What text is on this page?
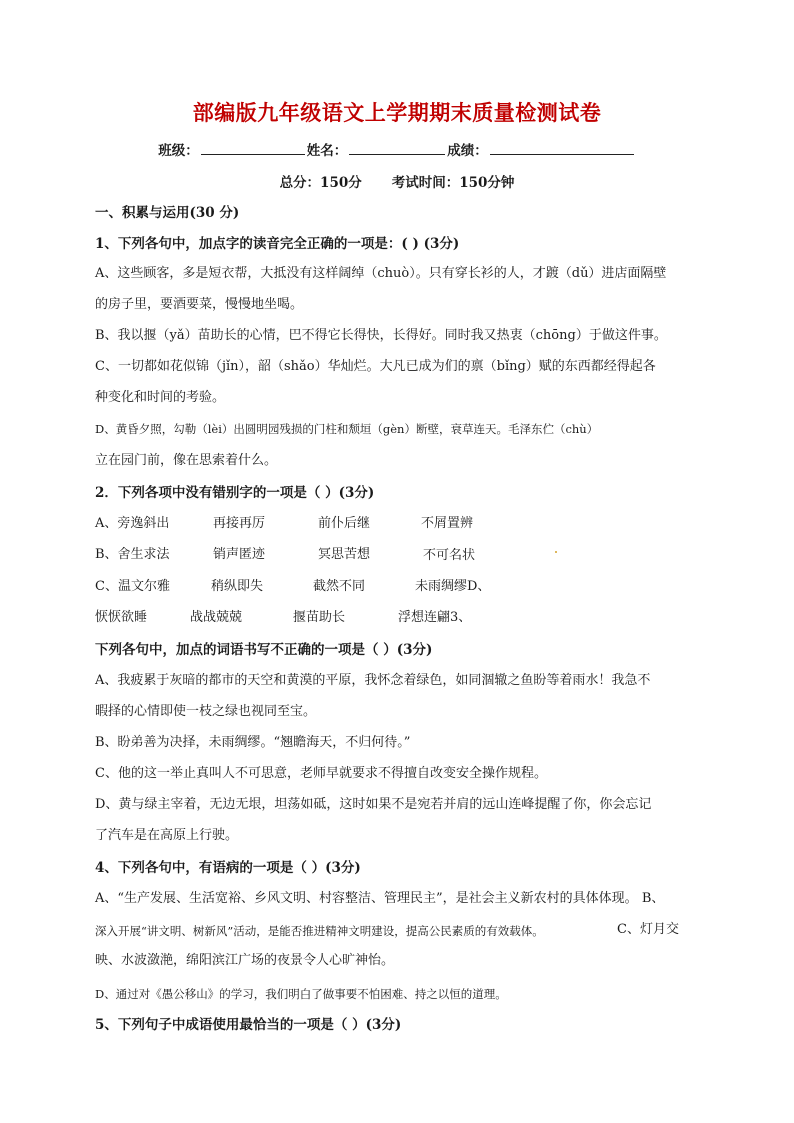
部编版九年级语文上学期期末质量检测试卷
班级：	姓名：	成绩：
总分：150分 考试时间：150分钟
一、积累与运用(30 分)
1、下列各句中，加点字的读音完全正确的一项是：( ) (3分)
A、这些顾客，多是短衣帮，大抵没有这样阔绰（chuò）。只有穿长衫的人，才踱（dǔ）进店面隔壁
的房子里，要酒要菜，慢慢地坐喝。
B、我以揠（yǎ）苗助长的心情，巴不得它长得快，长得好。同时我又热衷（chōng）于做这件事。
C、一切都如花似锦（jǐn），韶（shǎo）华灿烂。大凡已成为们的禀（bǐng）赋的东西都经得起各
种变化和时间的考验。
D、黄昏夕照，勾勒（lèi）出圆明园残损的门柱和颓垣（gèn）断壁，衰草连天。毛泽东伫（chù）
立在园门前，像在思索着什么。
2．下列各项中没有错别字的一项是（ ）(3分)
A、旁逸斜出	再接再厉	前仆后继	不屑置辨
B、舍生求法	销声匿迹	冥思苦想	不可名状
C、温文尔雅	稍纵即失	截然不同	未雨绸缪D、
恹恹欲睡	战战兢兢	揠苗助长	浮想连翩3、
下列各句中，加点的词语书写不正确的一项是（ ）(3分)
A、我疲累于灰暗的都市的天空和黄漠的平原，我怀念着绿色，如同涸辙之鱼盼等着雨水！我急不
暇择的心情即使一枝之绿也视同至宝。
B、盼弟善为决择，未雨绸缪。“翘瞻海天，不归何待。”
C、他的这一举止真叫人不可思意，老师早就要求不得擅自改变安全操作规程。
D、黄与绿主宰着，无边无垠，坦荡如砥，这时如果不是宛若并肩的远山连峰提醒了你，你会忘记
了汽车是在高原上行驶。
4、下列各句中，有语病的一项是（ ）(3分)
A、“生产发展、生活宽裕、乡风文明、村容整洁、管理民主”，是社会主义新农村的具体体现。 B、
深入开展“讲文明、树新风”活动，是能否推进精神文明建设，提高公民素质的有效载体。	C、灯月交
映、水波潋滟，绵阳滨江广场的夜景令人心旷神怡。
D、通过对《愚公移山》的学习，我们明白了做事要不怕困难、持之以恒的道理。
5、下列句子中成语使用最恰当的一项是（ ）(3分)
